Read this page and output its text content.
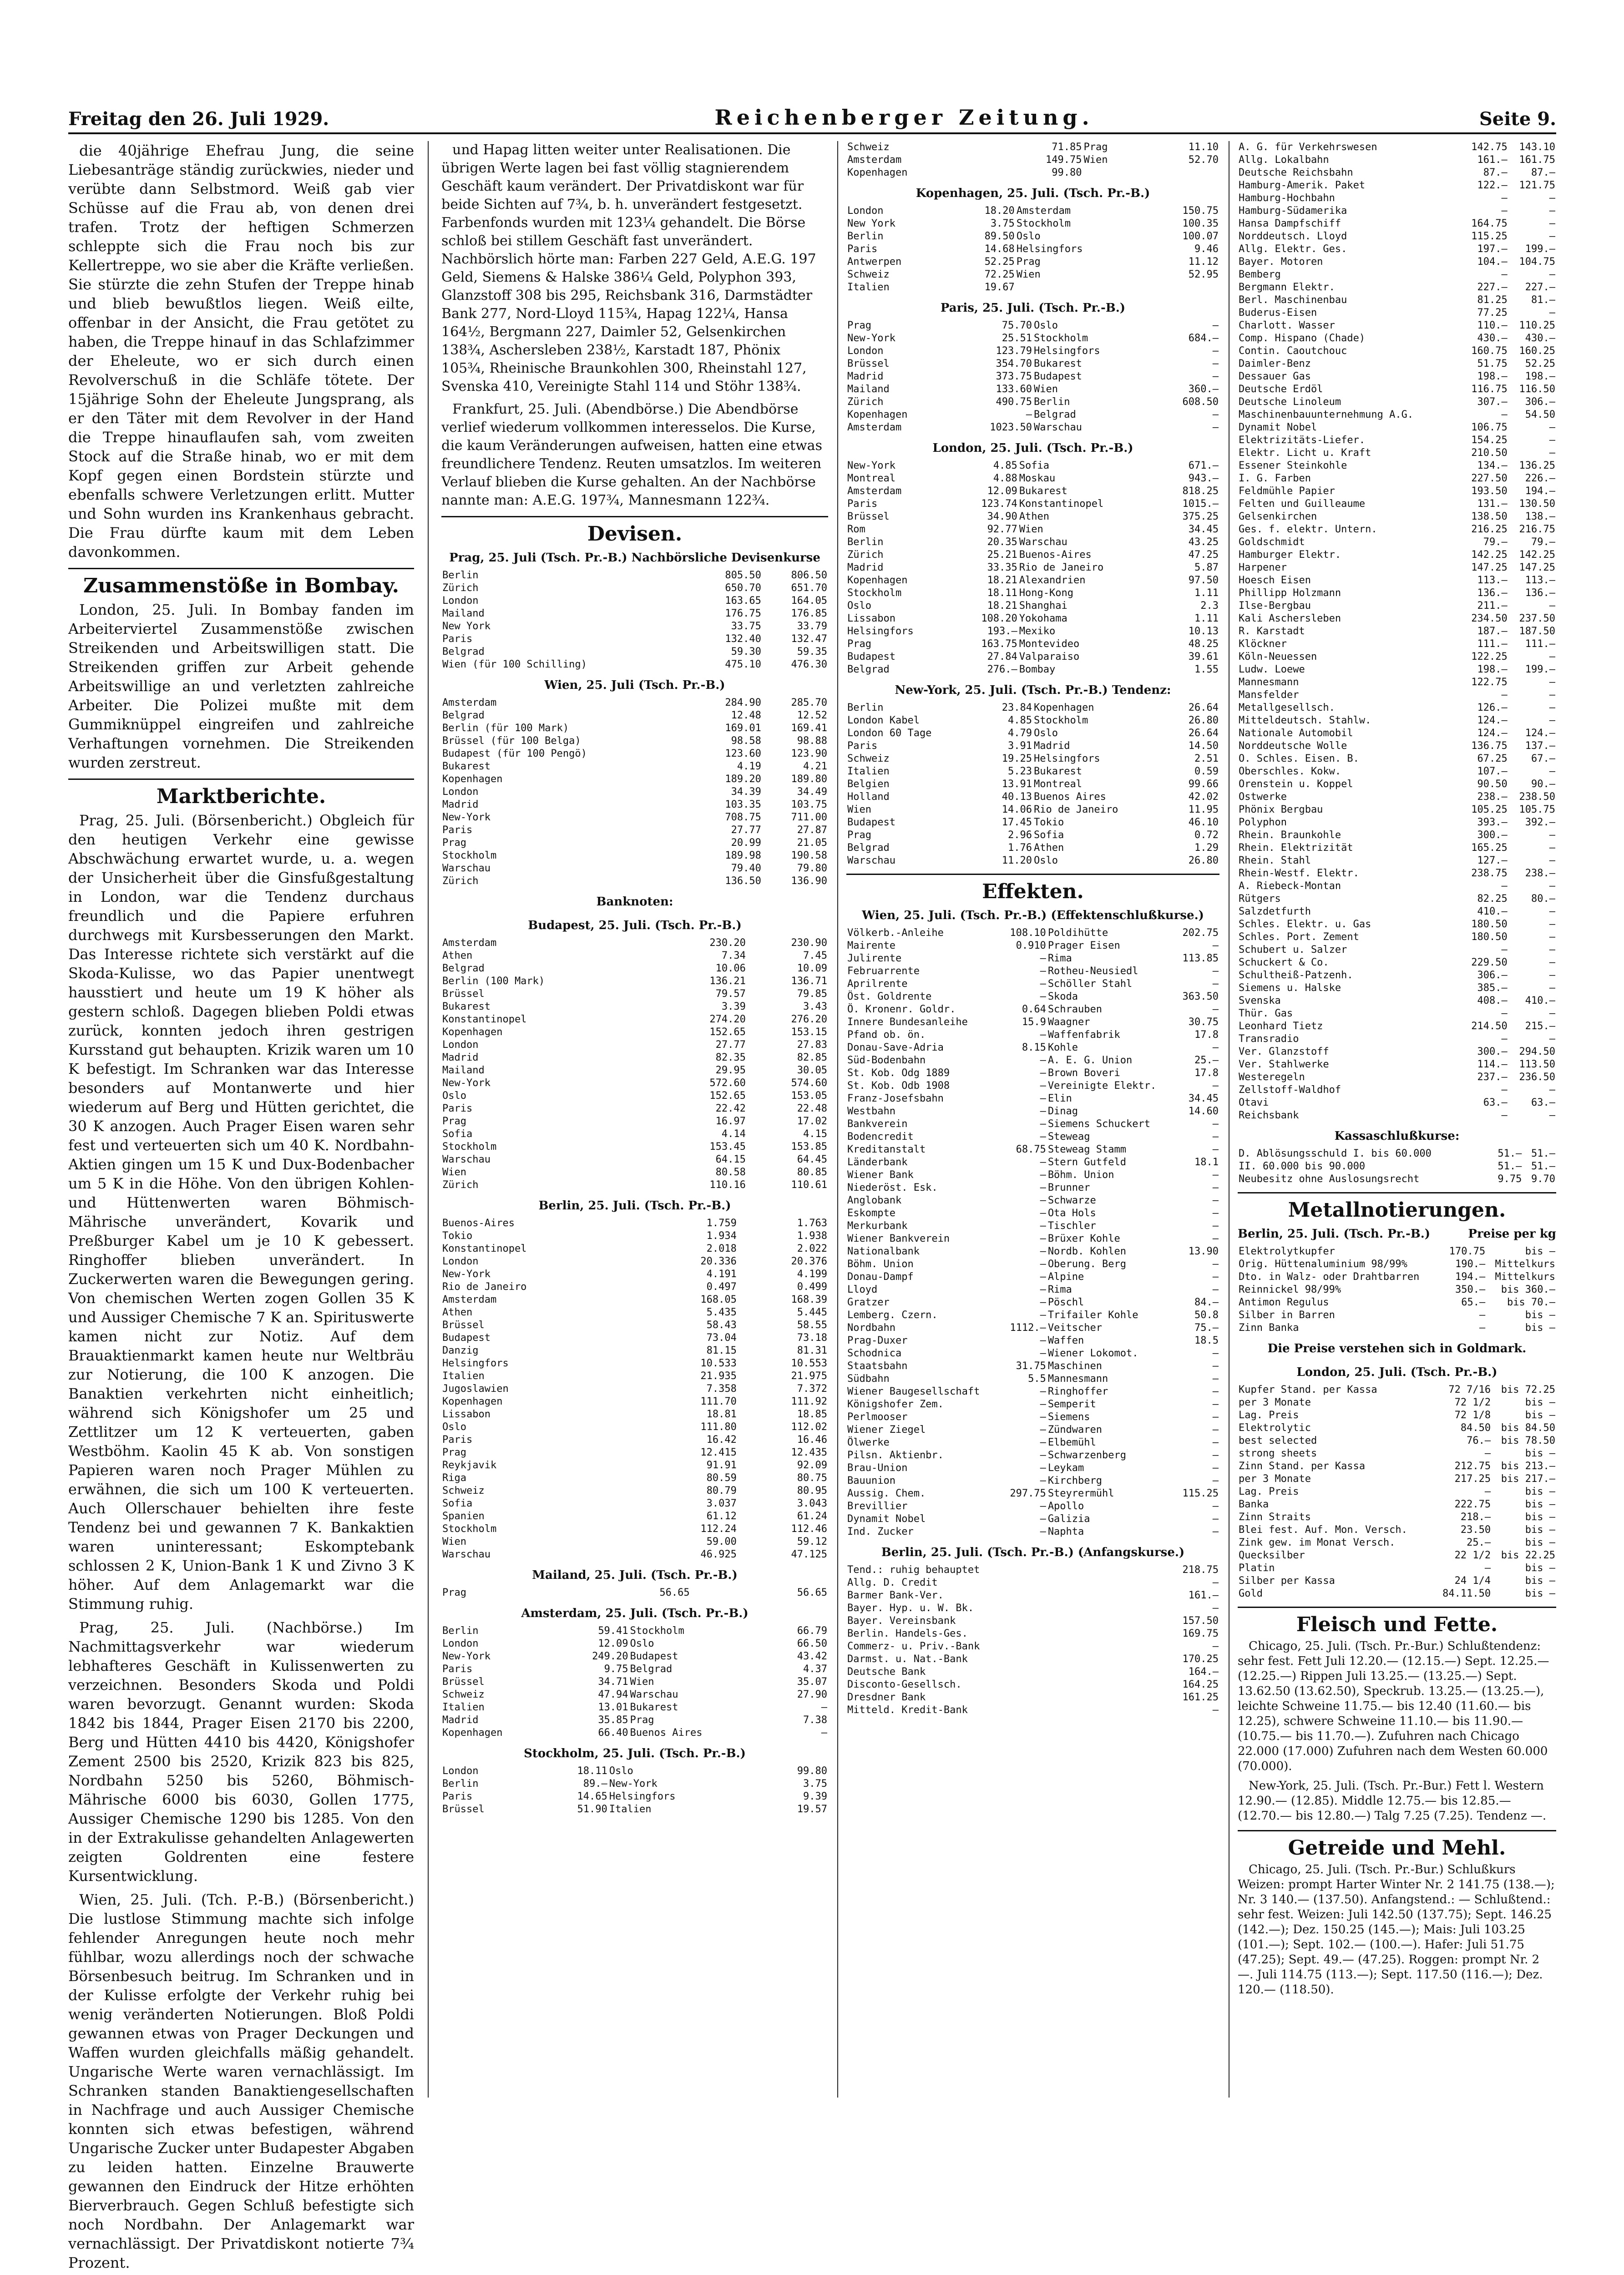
Freitag den 26. Juli 1929.	Reichenberger Zeitung.	Seite 9.

die 40jährige Ehefrau Jung, die seine Liebesanträge ständig zurückwies, nieder und verübte dann Selbstmord. Weiß gab vier Schüsse auf die Frau ab, von denen drei trafen. Trotz der heftigen Schmerzen schleppte sich die Frau noch bis zur Kellertreppe, wo sie aber die Kräfte verließen. Sie stürzte die zehn Stufen der Treppe hinab und blieb bewußtlos liegen. Weiß eilte, offenbar in der Ansicht, die Frau getötet zu haben, die Treppe hinauf in das Schlafzimmer der Eheleute, wo er sich durch einen Revolverschuß in die Schläfe tötete. Der 15jährige Sohn der Eheleute Jungsprang, als er den Täter mit dem Revolver in der Hand die Treppe hinauflaufen sah, vom zweiten Stock auf die Straße hinab, wo er mit dem Kopf gegen einen Bordstein stürzte und ebenfalls schwere Verletzungen erlitt. Mutter und Sohn wurden ins Krankenhaus gebracht. Die Frau dürfte kaum mit dem Leben davonkommen.

Zusammenstöße in Bombay.

London, 25. Juli. In Bombay fanden im Arbeiterviertel Zusammenstöße zwischen Streikenden und Arbeitswilligen statt. Die Streikenden griffen zur Arbeit gehende Arbeitswillige an und verletzten zahlreiche Arbeiter. Die Polizei mußte mit dem Gummiknüppel eingreifen und zahlreiche Verhaftungen vornehmen. Die Streikenden wurden zerstreut.

Marktberichte.

Prag, 25. Juli. (Börsenbericht.) Obgleich für den heutigen Verkehr eine gewisse Abschwächung erwartet wurde, u. a. wegen der Unsicherheit über die Ginsfußgestaltung in London, war die Tendenz durchaus freundlich und die Papiere erfuhren durchwegs mit Kursbesserungen den Markt. Das Interesse richtete sich verstärkt auf die Skoda-Kulisse, wo das Papier unentwegt hausstiert und heute um 19 K höher als gestern schloß. Dagegen blieben Poldi etwas zurück, konnten jedoch ihren gestrigen Kursstand gut behaupten. Krizik waren um 10 K befestigt. Im Schranken war das Interesse besonders auf Montanwerte und hier wiederum auf Berg und Hütten gerichtet, die 30 K anzogen. Auch Prager Eisen waren sehr fest und verteuerten sich um 40 K. Nordbahn-Aktien gingen um 15 K und Dux-Bodenbacher um 5 K in die Höhe. Von den übrigen Kohlen- und Hüttenwerten waren Böhmisch-Mährische unverändert, Kovarik und Preßburger Kabel um je 10 K gebessert. Ringhoffer blieben unverändert. In Zuckerwerten waren die Bewegungen gering. Von chemischen Werten zogen Gollen 35 K und Aussiger Chemische 7 K an. Spirituswerte kamen nicht zur Notiz. Auf dem Brauaktienmarkt kamen heute nur Weltbräu zur Notierung, die 100 K anzogen. Die Banaktien verkehrten nicht einheitlich; während sich Königshofer um 25 und Zettlitzer um 12 K verteuerten, gaben Westböhm. Kaolin 45 K ab. Von sonstigen Papieren waren noch Prager Mühlen zu erwähnen, die sich um 100 K verteuerten. Auch Ollerschauer behielten ihre feste Tendenz bei und gewannen 7 K. Bankaktien waren uninteressant; Eskomptebank schlossen 2 K, Union-Bank 1 K und Zivno 3 K höher. Auf dem Anlagemarkt war die Stimmung ruhig.

Prag, 25. Juli. (Nachbörse.) Im Nachmittagsverkehr war wiederum lebhafteres Geschäft in Kulissenwerten zu verzeichnen. Besonders Skoda und Poldi waren bevorzugt. Genannt wurden: Skoda 1842 bis 1844, Prager Eisen 2170 bis 2200, Berg und Hütten 4410 bis 4420, Königshofer Zement 2500 bis 2520, Krizik 823 bis 825, Nordbahn 5250 bis 5260, Böhmisch-Mährische 6000 bis 6030, Gollen 1775, Aussiger Chemische 1290 bis 1285. Von den in der Extrakulisse gehandelten Anlagewerten zeigten Goldrenten eine festere Kursentwicklung.

Wien, 25. Juli. (Tch. P.-B.) (Börsenbericht.) Die lustlose Stimmung machte sich infolge fehlender Anregungen heute noch mehr fühlbar, wozu allerdings noch der schwache Börsenbesuch beitrug. Im Schranken und in der Kulisse erfolgte der Verkehr ruhig bei wenig veränderten Notierungen. Bloß Poldi gewannen etwas von Prager Deckungen und Waffen wurden gleichfalls mäßig gehandelt. Ungarische Werte waren vernachlässigt. Im Schranken standen Banaktiengesellschaften in Nachfrage und auch Aussiger Chemische konnten sich etwas befestigen, während Ungarische Zucker unter Budapester Abgaben zu leiden hatten. Einzelne Brauwerte gewannen den Eindruck der Hitze erhöhten Bierverbrauch. Gegen Schluß befestigte sich noch Nordbahn. Der Anlagemarkt war vernachlässigt. Der Privatdiskont notierte 7¾ Prozent.

und Hapag litten weiter unter Realisationen. Die übrigen Werte lagen bei fast völlig stagnierendem Geschäft kaum verändert. Der Privatdiskont war für beide Sichten auf 7¾, b. h. unverändert festgesetzt. Farbenfonds wurden mit 123¼ gehandelt. Die Börse schloß bei stillem Geschäft fast unverändert. Nachbörslich hörte man: Farben 227 Geld, A.E.G. 197 Geld, Siemens & Halske 386¼ Geld, Polyphon 393, Glanzstoff 308 bis 295, Reichsbank 316, Darmstädter Bank 277, Nord-Lloyd 115¾, Hapag 122¼, Hansa 164½, Bergmann 227, Daimler 52, Gelsenkirchen 138¾, Aschersleben 238½, Karstadt 187, Phönix 105¾, Rheinische Braunkohlen 300, Rheinstahl 127, Svenska 410, Vereinigte Stahl 114 und Stöhr 138¾.

Frankfurt, 25. Juli. (Abendbörse.) Die Abendbörse verlief wiederum vollkommen interesselos. Die Kurse, die kaum Veränderungen aufweisen, hatten eine etwas freundlichere Tendenz. Reuten umsatzlos. Im weiteren Verlauf blieben die Kurse gehalten. An der Nachbörse nannte man: A.E.G. 197¾, Mannesmann 122¾.

Devisen.
Prag, 25. Juli (Tsch. Pr.-B.) Nachbörsliche Devisenkurse
Berlin	805.50	806.50
Zürich	650.70	651.70
London	163.65	164.05
Mailand	176.75	176.85
New York	33.75	33.79
Paris	132.40	132.47
Belgrad	59.30	59.35
Wien (für 100 Schilling)	475.10	476.30
Wien, 25. Juli (Tsch. Pr.-B.)
Amsterdam	284.90	285.70
Belgrad	12.48	12.52
Berlin (für 100 Mark)	169.01	169.41
Brüssel (für 100 Belga)	98.58	98.88
Budapest (für 100 Pengö)	123.60	123.90
Bukarest	4.19	4.21
Kopenhagen	189.20	189.80
London	34.39	34.49
Madrid	103.35	103.75
New-York	708.75	711.00
Paris	27.77	27.87
Prag	20.99	21.05
Stockholm	189.98	190.58
Warschau	79.40	79.80
Zürich	136.50	136.90
Banknoten:
Budapest, 25. Juli. (Tsch. Pr.-B.)
Amsterdam	230.20	230.90
Athen	7.34	7.45
Belgrad	10.06	10.09
Berlin (100 Mark)	136.21	136.71
Brüssel	79.57	79.85
Bukarest	3.39	3.43
Konstantinopel	274.20	276.20
Kopenhagen	152.65	153.15
London	27.77	27.83
Madrid	82.35	82.85
Mailand	29.95	30.05
New-York	572.60	574.60
Oslo	152.65	153.05
Paris	22.42	22.48
Prag	16.97	17.02
Sofia	4.14	4.15
Stockholm	153.45	153.85
Warschau	64.15	64.45
Wien	80.58	80.85
Zürich	110.16	110.61
Berlin, 25. Juli. (Tsch. Pr.-B.)
Buenos-Aires	1.759	1.763
Tokio	1.934	1.938
Konstantinopel	2.018	2.022
London	20.336	20.376
New-York	4.191	4.199
Rio de Janeiro	0.497	0.499
Amsterdam	168.05	168.39
Athen	5.435	5.445
Brüssel	58.43	58.55
Budapest	73.04	73.18
Danzig	81.15	81.31
Helsingfors	10.533	10.553
Italien	21.935	21.975
Jugoslawien	7.358	7.372
Kopenhagen	111.70	111.92
Lissabon	18.81	18.85
Oslo	111.80	112.02
Paris	16.42	16.46
Prag	12.415	12.435
Reykjavik	91.91	92.09
Riga	80.59	80.75
Schweiz	80.79	80.95
Sofia	3.037	3.043
Spanien	61.12	61.24
Stockholm	112.24	112.46
Wien	59.00	59.12
Warschau	46.925	47.125
Mailand, 25. Juli. (Tsch. Pr.-B.)
Prag	56.65	56.65
Amsterdam, 25. Juli. (Tsch. Pr.-B.)
Berlin	59.41	Stockholm	66.79
London	12.09	Oslo	66.50
New-York	249.20	Budapest	43.42
Paris	9.75	Belgrad	4.37
Brüssel	34.71	Wien	35.07
Schweiz	47.94	Warschau	27.90
Italien	13.01	Bukarest	—
Madrid	35.85	Prag	7.38
Kopenhagen	66.40	Buenos Aires	—
Stockholm, 25. Juli. (Tsch. Pr.-B.)
London	18.11	Oslo	99.80
Berlin	89.—	New-York	3.75
Paris	14.65	Helsingfors	9.39
Brüssel	51.90	Italien	19.57
Schweiz	71.85	Prag	11.10
Amsterdam	149.75	Wien	52.70
Kopenhagen	99.80		
Kopenhagen, 25. Juli. (Tsch. Pr.-B.)
London	18.20	Amsterdam	150.75
New York	3.75	Stockholm	100.35
Berlin	89.50	Oslo	100.07
Paris	14.68	Helsingfors	9.46
Antwerpen	52.25	Prag	11.12
Schweiz	72.25	Wien	52.95
Italien	19.67		
Paris, 25. Juli. (Tsch. Pr.-B.)
Prag	75.70	Oslo	—
New-York	25.51	Stockholm	684.—
London	123.79	Helsingfors	—
Brüssel	354.70	Bukarest	—
Madrid	373.75	Budapest	—
Mailand	133.60	Wien	360.—
Zürich	490.75	Berlin	608.50
Kopenhagen	—	Belgrad	—
Amsterdam	1023.50	Warschau	—
London, 25. Juli. (Tsch. Pr.-B.)
New-York	4.85	Sofia	671.—
Montreal	4.88	Moskau	943.—
Amsterdam	12.09	Bukarest	818.25
Paris	123.74	Konstantinopel	1015.—
Brüssel	34.90	Athen	375.25
Rom	92.77	Wien	34.45
Berlin	20.35	Warschau	43.25
Zürich	25.21	Buenos-Aires	47.25
Madrid	33.35	Rio de Janeiro	5.87
Kopenhagen	18.21	Alexandrien	97.50
Stockholm	18.11	Hong-Kong	1.11
Oslo	18.21	Shanghai	2.3
Lissabon	108.20	Yokohama	1.11
Helsingfors	193.—	Mexiko	10.13
Prag	163.75	Montevideo	48.25
Budapest	27.84	Valparaiso	39.61
Belgrad	276.—	Bombay	1.55
New-York, 25. Juli. (Tsch. Pr.-B.) Tendenz:
Berlin	23.84	Kopenhagen	26.64
London Kabel	4.85	Stockholm	26.80
London 60 Tage	4.79	Oslo	26.64
Paris	3.91	Madrid	14.50
Schweiz	19.25	Helsingfors	2.51
Italien	5.23	Bukarest	0.59
Belgien	13.91	Montreal	99.66
Holland	40.13	Buenos Aires	42.02
Wien	14.06	Rio de Janeiro	11.95
Budapest	17.45	Tokio	46.10
Prag	2.96	Sofia	0.72
Belgrad	1.76	Athen	1.29
Warschau	11.20	Oslo	26.80
Effekten.
Wien, 25. Juli. (Tsch. Pr.-B.) (Effektenschlußkurse.)
Völkerb.-Anleihe	108.10	Poldihütte	202.75
Mairente	0.910	Prager Eisen	—
Julirente	—	Rima	113.85
Februarrente	—	Rotheu-Neusiedl	—
Aprilrente	—	Schöller Stahl	—
Öst. Goldrente	—	Skoda	363.50
Ö. Kronenr. Goldr.	0.64	Schrauben	—
Innere Bundesanleihe	15.9	Waagner	30.75
Pfand ob. ön.	—	Waffenfabrik	17.8
Donau-Save-Adria	8.15	Kohle	—
Süd-Bodenbahn	—	A. E. G. Union	25.—
St. Kob. Odg 1889	—	Brown Boveri	17.8
St. Kob. Odb 1908	—	Vereinigte Elektr.	—
Franz-Josefsbahn	—	Elin	34.45
Westbahn	—	Dinag	14.60
Bankverein	—	Siemens Schuckert	—
Bodencredit	—	Steweag	—
Kreditanstalt	68.75	Steweag Stamm	—
Länderbank	—	Stern Gutfeld	18.1
Wiener Bank	—	Böhm. Union	—
Niederöst. Esk.	—	Brunner	—
Anglobank	—	Schwarze	—
Eskompte	—	Ota Hols	—
Merkurbank	—	Tischler	—
Wiener Bankverein	—	Brüxer Kohle	—
Nationalbank	—	Nordb. Kohlen	13.90
Böhm. Union	—	Oberung. Berg	—
Donau-Dampf	—	Alpine	—
Lloyd	—	Rima	—
Gratzer	—	Pöschl	84.—
Lemberg. Czern.	—	Trifailer Kohle	50.8
Nordbahn	1112.—	Veitscher	75.—
Prag-Duxer	—	Waffen	18.5
Schodnica	—	Wiener Lokomot.	—
Staatsbahn	31.75	Maschinen	—
Südbahn	5.5	Mannesmann	—
Wiener Baugesellschaft	—	Ringhoffer	—
Königshofer Zem.	—	Semperit	—
Perlmooser	—	Siemens	—
Wiener Ziegel	—	Zündwaren	—
Ölwerke	—	Elbemühl	—
Pilsn. Aktienbr.	—	Schwarzenberg	—
Brau-Union	—	Leykam	—
Bauunion	—	Kirchberg	—
Aussig. Chem.	297.75	Steyrermühl	115.25
Brevillier	—	Apollo	—
Dynamit Nobel	—	Galizia	—
Ind. Zucker	—	Naphta	—
Berlin, 25. Juli. (Tsch. Pr.-B.) (Anfangskurse.)
Tend.: ruhig behauptet	218.75
Allg. D. Credit	—
Barmer Bank-Ver.	161.—
Bayer. Hyp. u. W. Bk.	—
Bayer. Vereinsbank	157.50
Berlin. Handels-Ges.	169.75
Commerz- u. Priv.-Bank	—
Darmst. u. Nat.-Bank	170.25
Deutsche Bank	164.—
Disconto-Gesellsch.	164.25
Dresdner Bank	161.25
Mitteld. Kredit-Bank	—
A. G. für Verkehrswesen	142.75	143.10
Allg. Lokalbahn	161.—	161.75
Deutsche Reichsbahn	87.—	87.—
Hamburg-Amerik. Paket	122.—	121.75
Hamburg-Hochbahn	—	—
Hamburg-Südamerika	—	—
Hansa Dampfschiff	164.75	—
Norddeutsch. Lloyd	115.25	—
Allg. Elektr. Ges.	197.—	199.—
Bayer. Motoren	104.—	104.75
Bemberg	—	—
Bergmann Elektr.	227.—	227.—
Berl. Maschinenbau	81.25	81.—
Buderus-Eisen	77.25	—
Charlott. Wasser	110.—	110.25
Comp. Hispano (Chade)	430.—	430.—
Contin. Caoutchouc	160.75	160.25
Daimler-Benz	51.75	52.25
Dessauer Gas	198.—	198.—
Deutsche Erdöl	116.75	116.50
Deutsche Linoleum	307.—	306.—
Maschinenbauunternehmung A.G.	—	54.50
Dynamit Nobel	106.75	—
Elektrizitäts-Liefer.	154.25	—
Elektr. Licht u. Kraft	210.50	—
Essener Steinkohle	134.—	136.25
I. G. Farben	227.50	226.—
Feldmühle Papier	193.50	194.—
Felten und Guilleaume	131.—	130.50
Gelsenkirchen	138.50	138.—
Ges. f. elektr. Untern.	216.25	216.75
Goldschmidt	79.—	79.—
Hamburger Elektr.	142.25	142.25
Harpener	147.25	147.25
Hoesch Eisen	113.—	113.—
Phillipp Holzmann	136.—	136.—
Ilse-Bergbau	211.—	—
Kali Aschersleben	234.50	237.50
R. Karstadt	187.—	187.50
Klöckner	111.—	111.—
Köln-Neuessen	122.25	—
Ludw. Loewe	198.—	199.—
Mannesmann	122.75	—
Mansfelder	—	—
Metallgesellsch.	126.—	—
Mitteldeutsch. Stahlw.	124.—	—
Nationale Automobil	124.—	124.—
Norddeutsche Wolle	136.75	137.—
O. Schles. Eisen. B.	67.25	67.—
Oberschles. Kokw.	107.—	—
Orenstein u. Koppel	90.50	90.—
Ostwerke	238.—	238.50
Phönix Bergbau	105.25	105.75
Polyphon	393.—	392.—
Rhein. Braunkohle	300.—	—
Rhein. Elektrizität	165.25	—
Rhein. Stahl	127.—	—
Rhein-Westf. Elektr.	238.75	238.—
A. Riebeck-Montan	—	—
Rütgers	82.25	80.—
Salzdetfurth	410.—	—
Schles. Elektr. u. Gas	180.50	—
Schles. Port. Zement	180.50	—
Schubert u. Salzer	—	—
Schuckert & Co.	229.50	—
Schultheiß-Patzenh.	306.—	—
Siemens u. Halske	385.—	—
Svenska	408.—	410.—
Thür. Gas	—	—
Leonhard Tietz	214.50	215.—
Transradio	—	—
Ver. Glanzstoff	300.—	294.50
Ver. Stahlwerke	114.—	113.50
Westeregeln	237.—	236.50
Zellstoff-Waldhof	—	—
Otavi	63.—	63.—
Reichsbank	—	—
Kassaschlußkurse:
D. Ablösungsschuld I. bis 60.000	51.—	51.—
II. 60.000 bis 90.000	51.—	51.—
Neubesitz ohne Auslosungsrecht	9.75	9.70
Metallnotierungen.
Berlin, 25. Juli. (Tsch. Pr.-B.)	Preise per kg
Elektrolytkupfer	170.75	bis —
Orig. Hüttenaluminium 98/99%	190.—	Mittelkurs
Dto. in Walz- oder Drahtbarren	194.—	Mittelkurs
Reinnickel 98/99%	350.—	bis 360.—
Antimon Regulus	65.—	bis 70.—
Silber in Barren	—	bis —
Zinn Banka	—	bis —
Die Preise verstehen sich in Goldmark.
London, 25. Juli. (Tsch. Pr.-B.)
Kupfer Stand. per Kassa	72 7/16	bis 72.25
per 3 Monate	72 1/2	bis —
Lag. Preis	72 1/8	bis —
Elektrolytic	84.50	bis 84.50
best selected	76.—	bis 78.50
strong sheets	—	bis —
Zinn Stand. per Kassa	212.75	bis 213.—
per 3 Monate	217.25	bis 217.—
Lag. Preis	—	bis —
Banka	222.75	bis —
Zinn Straits	218.—	bis —
Blei fest. Auf. Mon. Versch.	23.50	bis —
Zink gew. im Monat Versch.	25.—	bis —
Quecksilber	22 1/2	bis 22.25
Platin	—	bis —
Silber per Kassa	24 1/4	bis —
Gold	84.11.50	bis —
Fleisch und Fette.

Chicago, 25. Juli. (Tsch. Pr.-Bur.) Schlußtendenz: sehr fest. Fett Juli 12.20.— (12.15.—) Sept. 12.25.— (12.25.—) Rippen Juli 13.25.— (13.25.—) Sept. 13.62.50 (13.62.50), Speckrub. 13.25.— (13.25.—), leichte Schweine 11.75.— bis 12.40 (11.60.— bis 12.25), schwere Schweine 11.10.— bis 11.90.— (10.75.— bis 11.70.—). Zufuhren nach Chicago 22.000 (17.000) Zufuhren nach dem Westen 60.000 (70.000).

New-York, 25. Juli. (Tsch. Pr.-Bur.) Fett l. Western 12.90.— (12.85). Middle 12.75.— bis 12.85.— (12.70.— bis 12.80.—) Talg 7.25 (7.25). Tendenz —.

Getreide und Mehl.

Chicago, 25. Juli. (Tsch. Pr.-Bur.) Schlußkurs Weizen: prompt Harter Winter Nr. 2 141.75 (138.—); Nr. 3 140.— (137.50). Anfangstend.: — Schlußtend.: sehr fest. Weizen: Juli 142.50 (137.75); Sept. 146.25 (142.—); Dez. 150.25 (145.—); Mais: Juli 103.25 (101.—); Sept. 102.— (100.—). Hafer: Juli 51.75 (47.25); Sept. 49.— (47.25). Roggen: prompt Nr. 2 —. Juli 114.75 (113.—); Sept. 117.50 (116.—); Dez. 120.— (118.50).
